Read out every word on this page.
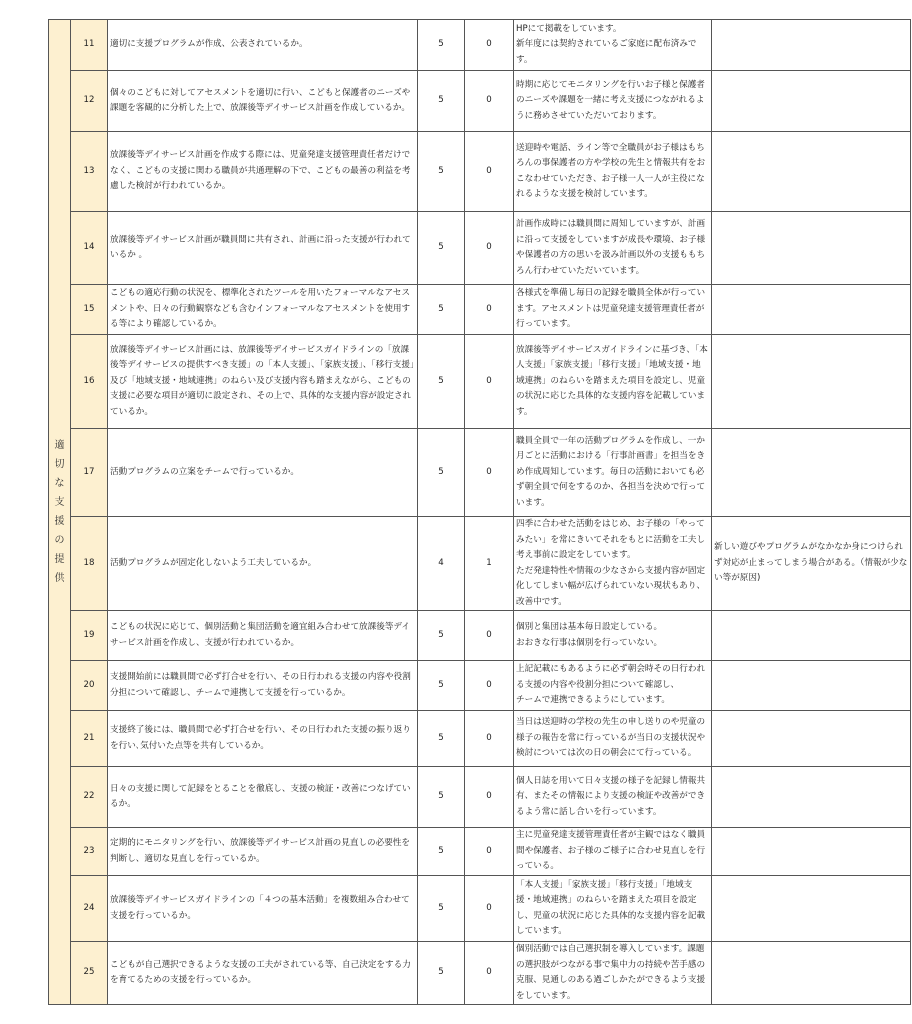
適切な支援の提供	11	適切に支援プログラムが作成、公表されているか。	5	0	HPにて掲載をしています。
新年度には契約されているご家庭に配布済みです。	
	12	個々のこどもに対してアセスメントを適切に行い、こどもと保護者のニーズや課題を客観的に分析した上で、放課後等デイサービス計画を作成しているか。	5	0	時期に応じてモニタリングを行いお子様と保護者のニーズや課題を一緒に考え支援につながれるように務めさせていただいております。	
	13	放課後等デイサービス計画を作成する際には、児童発達支援管理責任者だけでなく、こどもの支援に関わる職員が共通理解の下で、こどもの最善の利益を考慮した検討が行われているか。	5	0	送迎時や電話、ライン等で全職員がお子様はもちろんの事保護者の方や学校の先生と情報共有をおこなわせていただき、お子様一人一人が主役になれるような支援を検討しています。	
	14	放課後等デイサービス計画が職員間に共有され、計画に沿った支援が行われているか 。	5	0	計画作成時には職員間に周知していますが、計画に沿って支援をしていますが成長や環境、お子様や保護者の方の思いを汲み計画以外の支援ももちろん行わせていただいています。	
	15	こどもの適応行動の状況を、標準化されたツールを用いたフォーマルなアセスメントや、日々の行動観察なども含むインフォーマルなアセスメントを使用する等により確認しているか。	5	0	各様式を準備し毎日の記録を職員全体が行っています。アセスメントは児童発達支援管理責任者が行っています。	
	16	放課後等デイサービス計画には、放課後等デイサービスガイドラインの「放課後等デイサービスの提供すべき支援」の「本人支援」、「家族支援」、「移行支援」及び「地域支援・地域連携」のねらい及び支援内容も踏まえながら、こどもの支援に必要な項目が適切に設定され、その上で、具体的な支援内容が設定されているか。	5	0	放課後等デイサービスガイドラインに基づき、「本人支援」「家族支援」「移行支援」「地域支援・地域連携」のねらいを踏まえた項目を設定し、児童の状況に応じた具体的な支援内容を記載しています。	
	17	活動プログラムの立案をチームで行っているか。	5	0	職員全員で一年の活動プログラムを作成し、一か月ごとに活動における「行事計画書」を担当をきめ作成周知しています。毎日の活動においても必ず朝全員で何をするのか、各担当を決めで行っています。	
	18	活動プログラムが固定化しないよう工夫しているか。	4	1	四季に合わせた活動をはじめ、お子様の「やってみたい」を常にきいてそれをもとに活動を工夫し考え事前に設定をしています。
ただ発達特性や情報の少なさから支援内容が固定化してしまい幅が広げられていない現状もあり、改善中です。	新しい遊びやプログラムがなかなか身につけられず対応が止まってしまう場合がある。（情報が少ない等が原因)
	19	こどもの状況に応じて、個別活動と集団活動を適宜組み合わせて放課後等デイサービス計画を作成し、支援が行われているか。	5	0	個別と集団は基本毎日設定している。
おおきな行事は個別を行っていない。	
	20	支援開始前には職員間で必ず打合せを行い、その日行われる支援の内容や役割分担について確認し、チームで連携して支援を行っているか。	5	0	上記記載にもあるように必ず朝会時その日行われる支援の内容や役割分担について確認し、
チームで連携できるようにしています。	
	21	支援終了後には、職員間で必ず打合せを行い、その日行われた支援の振り返りを行い､気付いた点等を共有しているか。	5	0	当日は送迎時の学校の先生の申し送りのや児童の様子の報告を常に行っているが当日の支援状況や検討については次の日の朝会にて行っている。	
	22	日々の支援に関して記録をとることを徹底し、支援の検証・改善につなげているか。	5	0	個人日誌を用いて日々支援の様子を記録し情報共有、またその情報により支援の検証や改善ができるよう常に話し合いを行っています。	
	23	定期的にモニタリングを行い、放課後等デイサービス計画の見直しの必要性を判断し、適切な見直しを行っているか。	5	0	主に児童発達支援管理責任者が主観ではなく職員間や保護者、お子様のご様子に合わせ見直しを行っている。	
	24	放課後等デイサービスガイドラインの「４つの基本活動」を複数組み合わせて支援を行っているか。	5	0	「本人支援」「家族支援」「移行支援」「地域支援・地域連携」のねらいを踏まえた項目を設定し、児童の状況に応じた具体的な支援内容を記載しています。	
	25	こどもが自己選択できるような支援の工夫がされている等、自己決定をする力を育てるための支援を行っているか。	5	0	個別活動では自己選択制を導入しています。課題の選択肢がつながる事で集中力の持続や苦手感の克服、見通しのある過ごしかたができるよう支援をしています。	
